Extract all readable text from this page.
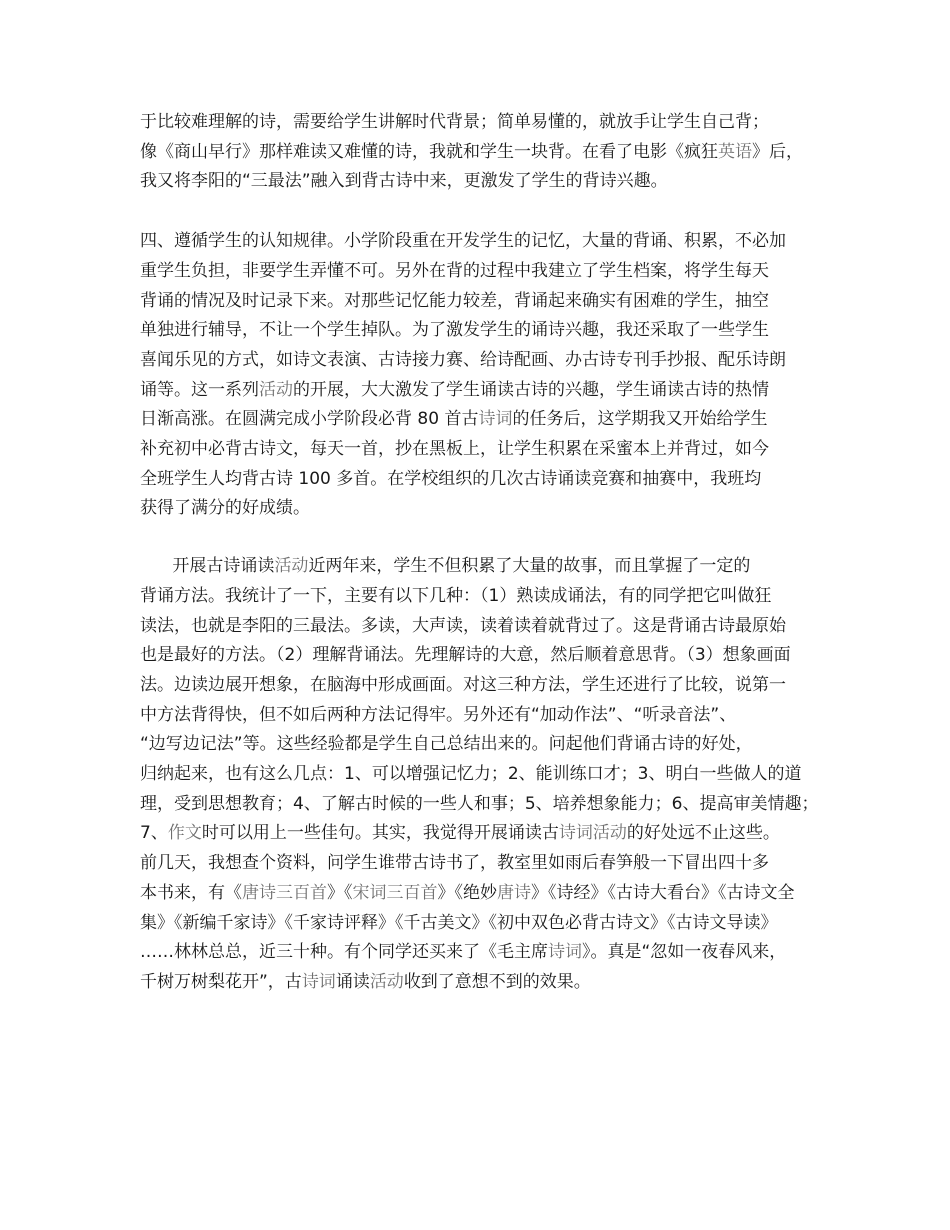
于比较难理解的诗，需要给学生讲解时代背景；简单易懂的，就放手让学生自己背；

像《商山早行》那样难读又难懂的诗，我就和学生一块背。在看了电影《疯狂英语》后，

我又将李阳的“三最法”融入到背古诗中来，更激发了学生的背诗兴趣。

四、遵循学生的认知规律。小学阶段重在开发学生的记忆，大量的背诵、积累，不必加

重学生负担，非要学生弄懂不可。另外在背的过程中我建立了学生档案，将学生每天

背诵的情况及时记录下来。对那些记忆能力较差，背诵起来确实有困难的学生，抽空

单独进行辅导，不让一个学生掉队。为了激发学生的诵诗兴趣，我还采取了一些学生

喜闻乐见的方式，如诗文表演、古诗接力赛、给诗配画、办古诗专刊手抄报、配乐诗朗

诵等。这一系列活动的开展，大大激发了学生诵读古诗的兴趣，学生诵读古诗的热情

日渐高涨。在圆满完成小学阶段必背 80 首古诗词的任务后，这学期我又开始给学生

补充初中必背古诗文，每天一首，抄在黑板上，让学生积累在采蜜本上并背过，如今

全班学生人均背古诗 100 多首。在学校组织的几次古诗诵读竞赛和抽赛中，我班均

获得了满分的好成绩。

开展古诗诵读活动近两年来，学生不但积累了大量的故事，而且掌握了一定的

背诵方法。我统计了一下，主要有以下几种：（1）熟读成诵法，有的同学把它叫做狂

读法，也就是李阳的三最法。多读，大声读，读着读着就背过了。这是背诵古诗最原始

也是最好的方法。（2）理解背诵法。先理解诗的大意，然后顺着意思背。（3）想象画面

法。边读边展开想象，在脑海中形成画面。对这三种方法，学生还进行了比较，说第一

中方法背得快，但不如后两种方法记得牢。另外还有“加动作法”、“听录音法”、

“边写边记法”等。这些经验都是学生自己总结出来的。问起他们背诵古诗的好处，

归纳起来，也有这么几点：1、可以增强记忆力；2、能训练口才；3、明白一些做人的道

理，受到思想教育；4、了解古时候的一些人和事；5、培养想象能力；6、提高审美情趣；

7、作文时可以用上一些佳句。其实，我觉得开展诵读古诗词活动的好处远不止这些。

前几天，我想查个资料，问学生谁带古诗书了，教室里如雨后春笋般一下冒出四十多

本书来，有《唐诗三百首》《宋词三百首》《绝妙唐诗》《诗经》《古诗大看台》《古诗文全

集》《新编千家诗》《千家诗评释》《千古美文》《初中双色必背古诗文》《古诗文导读》

……林林总总，近三十种。有个同学还买来了《毛主席诗词》。真是“忽如一夜春风来，

千树万树梨花开”，古诗词诵读活动收到了意想不到的效果。
